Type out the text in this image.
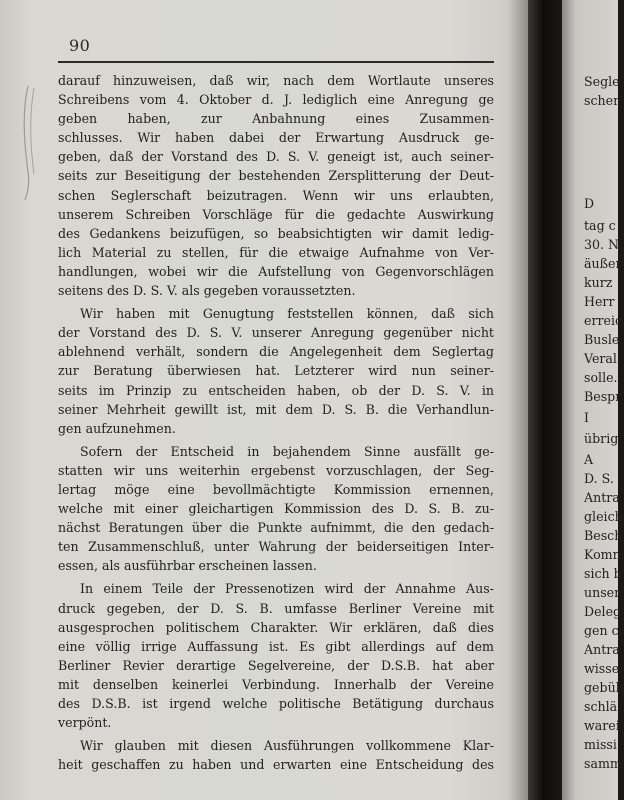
90
darauf hinzuweisen, daß wir, nach dem Wortlaute unseres
Schreibens vom 4. Oktober d. J. lediglich eine Anregung ge
geben haben, zur Anbahnung eines Zusammen-
schlusses. Wir haben dabei der Erwartung Ausdruck ge-
geben, daß der Vorstand des D. S. V. geneigt ist, auch seiner-
seits zur Beseitigung der bestehenden Zersplitterung der Deut-
schen Seglerschaft beizutragen. Wenn wir uns erlaubten,
unserem Schreiben Vorschläge für die gedachte Auswirkung
des Gedankens beizufügen, so beabsichtigten wir damit ledig-
lich Material zu stellen, für die etwaige Aufnahme von Ver-
handlungen, wobei wir die Aufstellung von Gegenvorschlägen
seitens des D. S. V. als gegeben voraussetzten.
Wir haben mit Genugtung feststellen können, daß sich
der Vorstand des D. S. V. unserer Anregung gegenüber nicht
ablehnend verhält, sondern die Angelegenheit dem Seglertag
zur Beratung überwiesen hat. Letzterer wird nun seiner-
seits im Prinzip zu entscheiden haben, ob der D. S. V. in
seiner Mehrheit gewillt ist, mit dem D. S. B. die Verhandlun-
gen aufzunehmen.
Sofern der Entscheid in bejahendem Sinne ausfällt ge-
statten wir uns weiterhin ergebenst vorzuschlagen, der Seg-
lertag möge eine bevollmächtigte Kommission ernennen,
welche mit einer gleichartigen Kommission des D. S. B. zu-
nächst Beratungen über die Punkte aufnimmt, die den gedach-
ten Zusammenschluß, unter Wahrung der beiderseitigen Inter-
essen, als ausführbar erscheinen lassen.
In einem Teile der Pressenotizen wird der Annahme Aus-
druck gegeben, der D. S. B. umfasse Berliner Vereine mit
ausgesprochen politischem Charakter. Wir erklären, daß dies
eine völlig irrige Auffassung ist. Es gibt allerdings auf dem
Berliner Revier derartige Segelvereine, der D.S.B. hat aber
mit denselben keinerlei Verbindung. Innerhalb der Vereine
des D.S.B. ist irgend welche politische Betätigung durchaus
verpönt.
Wir glauben mit diesen Ausführungen vollkommene Klar-
heit geschaffen zu haben und erwarten eine Entscheidung des
Segle
scher
D
tag c
30. N
äußer
kurz
Herr
erreic
Busle
Veral
solle.
Bespr
I
übrig
A
D. S.
Antra
gleich
Besch
Komn
sich b
unser
Deleg
gen c
Antra
wisse
gebüh
schlä
warei
missi
samm
